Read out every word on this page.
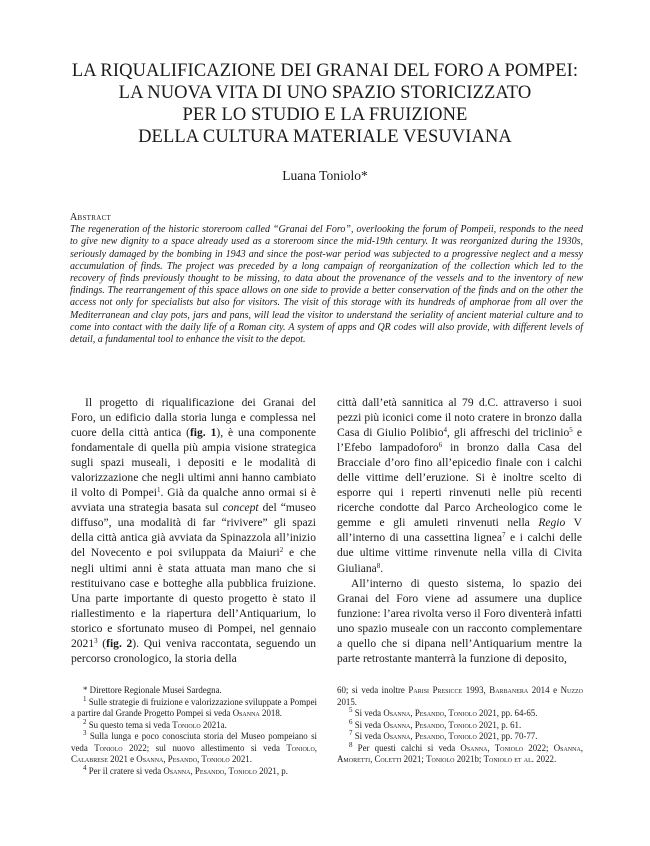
LA RIQUALIFICAZIONE DEI GRANAI DEL FORO A POMPEI:
LA NUOVA VITA DI UNO SPAZIO STORICIZZATO
PER LO STUDIO E LA FRUIZIONE
DELLA CULTURA MATERIALE VESUVIANA
Luana Toniolo*
Abstract
The regeneration of the historic storeroom called “Granai del Foro”, overlooking the forum of Pompeii, responds to the need to give new dignity to a space already used as a storeroom since the mid-19th century. It was reorganized during the 1930s, seriously damaged by the bombing in 1943 and since the post-war period was subjected to a progressive neglect and a messy accumulation of finds. The project was preceded by a long campaign of reorganization of the collection which led to the recovery of finds previously thought to be missing, to data about the provenance of the vessels and to the inventory of new findings. The rearrangement of this space allows on one side to provide a better conservation of the finds and on the other the access not only for specialists but also for visitors. The visit of this storage with its hundreds of amphorae from all over the Mediterranean and clay pots, jars and pans, will lead the visitor to understand the seriality of ancient material culture and to come into contact with the daily life of a Roman city. A system of apps and QR codes will also provide, with different levels of detail, a fundamental tool to enhance the visit to the depot.

Il progetto di riqualificazione dei Granai del Foro, un edificio dalla storia lunga e complessa nel cuore della città antica (fig. 1), è una componente fondamentale di quella più ampia visione strategica sugli spazi museali, i depositi e le modalità di valorizzazione che negli ultimi anni hanno cambiato il volto di Pompei$^1$. Già da qualche anno ormai si è avviata una strategia basata sul concept del “museo diffuso”, una modalità di far “rivivere” gli spazi della città antica già avviata da Spinazzola all’inizio del Novecento e poi sviluppata da Maiuri$^2$ e che negli ultimi anni è stata attuata man mano che si restituivano case e botteghe alla pubblica fruizione. Una parte importante di questo progetto è stato il riallestimento e la riapertura dell’Antiquarium, lo storico e sfortunato museo di Pompei, nel gennaio 2021$^3$ (fig. 2). Qui veniva raccontata, seguendo un percorso cronologico, la storia della

città dall’età sannitica al 79 d.C. attraverso i suoi pezzi più iconici come il noto cratere in bronzo dalla Casa di Giulio Polibio$^4$, gli affreschi del triclinio$^5$ e l’Efebo lampadoforo$^6$ in bronzo dalla Casa del Bracciale d’oro fino all’epicedio finale con i calchi delle vittime dell’eruzione. Si è inoltre scelto di esporre qui i reperti rinvenuti nelle più recenti ricerche condotte dal Parco Archeologico come le gemme e gli amuleti rinvenuti nella Regio V all’interno di una cassettina lignea$^7$ e i calchi delle due ultime vittime rinvenute nella villa di Civita Giuliana$^8$.

All’interno di questo sistema, lo spazio dei Granai del Foro viene ad assumere una duplice funzione: l’area rivolta verso il Foro diventerà infatti uno spazio museale con un racconto complementare a quello che si dipana nell’Antiquarium mentre la parte retrostante manterrà la funzione di deposito,

* Direttore Regionale Musei Sardegna.

$^1$ Sulle strategie di fruizione e valorizzazione sviluppate a Pompei a partire dal Grande Progetto Pompei si veda Osanna 2018.

$^2$ Su questo tema si veda Toniolo 2021a.

$^3$ Sulla lunga e poco conosciuta storia del Museo pompeiano si veda Toniolo 2022; sul nuovo allestimento si veda Toniolo, Calabrese 2021 e Osanna, Pesando, Toniolo 2021.

$^4$ Per il cratere si veda Osanna, Pesando, Toniolo 2021, p.

60; si veda inoltre Parisi Presicce 1993, Barbanera 2014 e Nuzzo 2015.

$^5$ Si veda Osanna, Pesando, Toniolo 2021, pp. 64-65.

$^6$ Si veda Osanna, Pesando, Toniolo 2021, p. 61.

$^7$ Si veda Osanna, Pesando, Toniolo 2021, pp. 70-77.

$^8$ Per questi calchi si veda Osanna, Toniolo 2022; Osanna, Amoretti, Coletti 2021; Toniolo 2021b; Toniolo et al. 2022.
